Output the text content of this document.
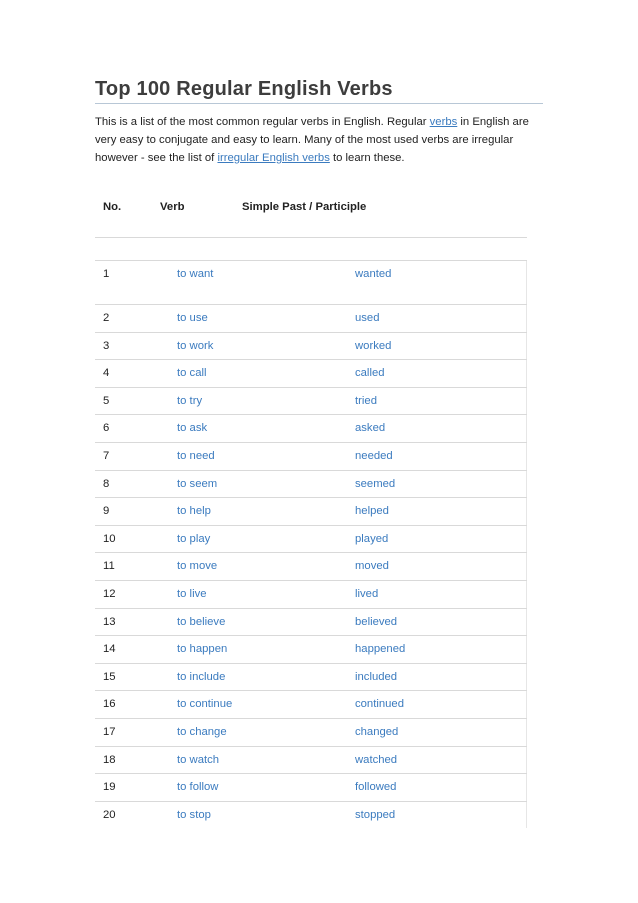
Top 100 Regular English Verbs
This is a list of the most common regular verbs in English. Regular verbs in English are very easy to conjugate and easy to learn. Many of the most used verbs are irregular however - see the list of irregular English verbs to learn these.
No.	Verb	Simple Past / Participle
1	to want	wanted
2	to use	used
3	to work	worked
4	to call	called
5	to try	tried
6	to ask	asked
7	to need	needed
8	to seem	seemed
9	to help	helped
10	to play	played
11	to move	moved
12	to live	lived
13	to believe	believed
14	to happen	happened
15	to include	included
16	to continue	continued
17	to change	changed
18	to watch	watched
19	to follow	followed
20	to stop	stopped
